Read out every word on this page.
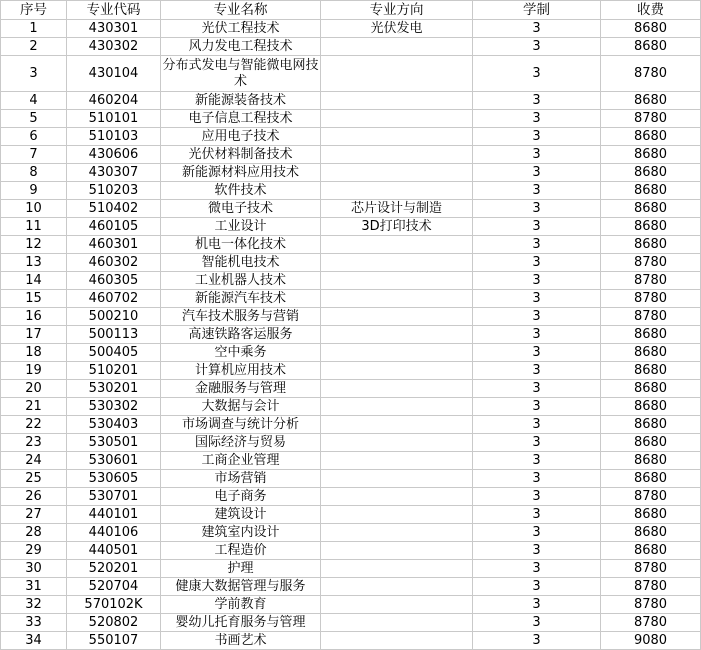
序号	专业代码	专业名称	专业方向	学制	收费
1	430301	光伏工程技术	光伏发电	3	8680
2	430302	风力发电工程技术		3	8680
3	430104	分布式发电与智能微电网技术		3	8780
4	460204	新能源装备技术		3	8680
5	510101	电子信息工程技术		3	8780
6	510103	应用电子技术		3	8680
7	430606	光伏材料制备技术		3	8680
8	430307	新能源材料应用技术		3	8680
9	510203	软件技术		3	8680
10	510402	微电子技术	芯片设计与制造	3	8680
11	460105	工业设计	3D打印技术	3	8680
12	460301	机电一体化技术		3	8680
13	460302	智能机电技术		3	8780
14	460305	工业机器人技术		3	8780
15	460702	新能源汽车技术		3	8780
16	500210	汽车技术服务与营销		3	8780
17	500113	高速铁路客运服务		3	8680
18	500405	空中乘务		3	8680
19	510201	计算机应用技术		3	8680
20	530201	金融服务与管理		3	8680
21	530302	大数据与会计		3	8680
22	530403	市场调查与统计分析		3	8680
23	530501	国际经济与贸易		3	8680
24	530601	工商企业管理		3	8680
25	530605	市场营销		3	8680
26	530701	电子商务		3	8780
27	440101	建筑设计		3	8680
28	440106	建筑室内设计		3	8680
29	440501	工程造价		3	8680
30	520201	护理		3	8780
31	520704	健康大数据管理与服务		3	8780
32	570102K	学前教育		3	8780
33	520802	婴幼儿托育服务与管理		3	8780
34	550107	书画艺术		3	9080
